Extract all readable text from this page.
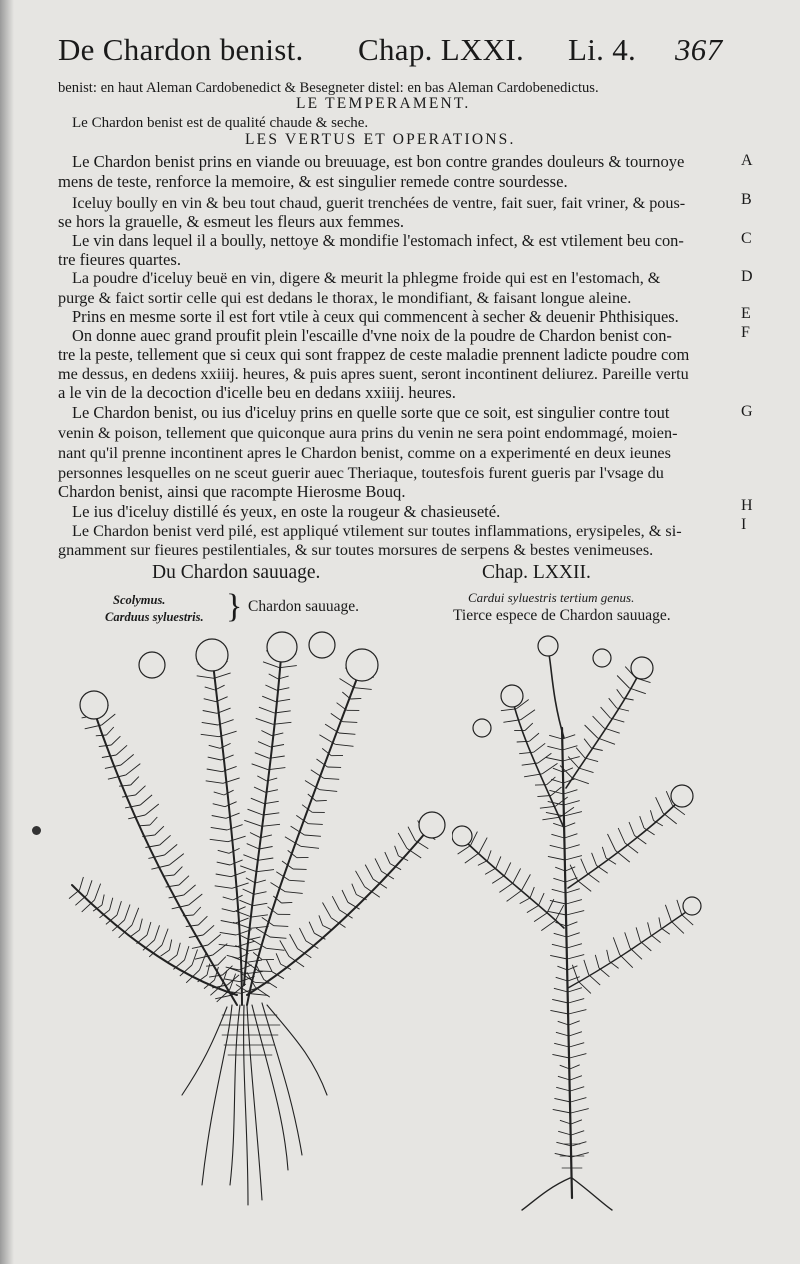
De Chardon benist. Chap. LXXI. Li. 4. 367
benist: en haut Aleman Cardobenedict & Besegneter distel: en bas Aleman Cardobenedictus.
LE TEMPERAMENT.
Le Chardon benist est de qualité chaude & seche.
LES VERTUS ET OPERATIONS.
Le Chardon benist prins en viande ou breuuage, est bon contre grandes douleurs & tournoye
mens de teste, renforce la memoire, & est singulier remede contre sourdesse.
Iceluy boully en vin & beu tout chaud, guerit trenchées de ventre, fait suer, fait vriner, & pous-
se hors la grauelle, & esmeut les fleurs aux femmes.
Le vin dans lequel il a boully, nettoye & mondifie l'estomach infect, & est vtilement beu con-
tre fieures quartes.
La poudre d'iceluy beuë en vin, digere & meurit la phlegme froide qui est en l'estomach, &
purge & faict sortir celle qui est dedans le thorax, le mondifiant, & faisant longue aleine.
Prins en mesme sorte il est fort vtile à ceux qui commencent à secher & deuenir Phthisiques.
On donne auec grand proufit plein l'escaille d'vne noix de la poudre de Chardon benist con-
tre la peste, tellement que si ceux qui sont frappez de ceste maladie prennent ladicte poudre com
me dessus, en dedens xxiiij. heures, & puis apres suent, seront incontinent deliurez. Pareille vertu
a le vin de la decoction d'icelle beu en dedans xxiiij. heures.
Le Chardon benist, ou ius d'iceluy prins en quelle sorte que ce soit, est singulier contre tout
venin & poison, tellement que quiconque aura prins du venin ne sera point endommagé, moien-
nant qu'il prenne incontinent apres le Chardon benist, comme on a experimenté en deux ieunes
personnes lesquelles on ne sceut guerir auec Theriaque, toutesfois furent gueris par l'vsage du
Chardon benist, ainsi que racompte Hierosme Bouq.
Le ius d'iceluy distillé és yeux, en oste la rougeur & chasieuseté.
Le Chardon benist verd pilé, est appliqué vtilement sur toutes inflammations, erysipeles, & si-
gnamment sur fieures pestilentiales, & sur toutes morsures de serpens & bestes venimeuses.
A
B
C
D
E
F
G
H
I
Du Chardon sauuage.
Scolymus.
Carduus syluestris. } Chardon sauuage.
Chap. LXXII.
Cardui syluestris tertium genus.
Tierce espece de Chardon sauuage.
